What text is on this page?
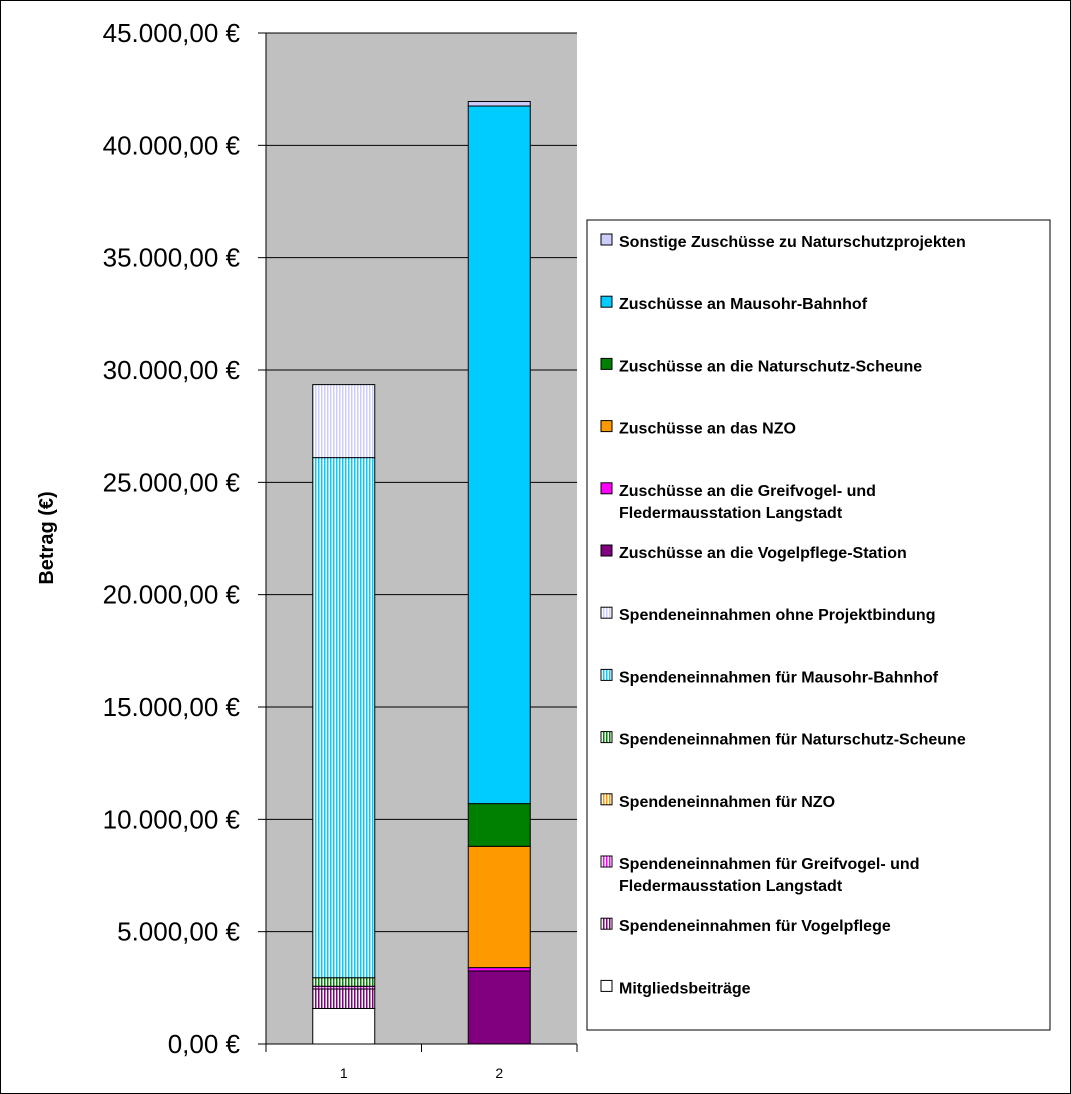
0,00 €
5.000,00 €
10.000,00 €
15.000,00 €
20.000,00 €
25.000,00 €
30.000,00 €
35.000,00 €
40.000,00 €
45.000,00 €
1	2
Betrag (€)
Sonstige Zuschüsse zu Naturschutzprojekten
Zuschüsse an Mausohr-Bahnhof
Zuschüsse an die Naturschutz-Scheune
Zuschüsse an das NZO
Zuschüsse an die Greifvogel- und
Fledermausstation Langstadt
Zuschüsse an die Vogelpflege-Station
Spendeneinnahmen ohne Projektbindung
Spendeneinnahmen für Mausohr-Bahnhof
Spendeneinnahmen für Naturschutz-Scheune
Spendeneinnahmen für NZO
Spendeneinnahmen für Greifvogel- und
Fledermausstation Langstadt
Spendeneinnahmen für Vogelpflege
Mitgliedsbeiträge
